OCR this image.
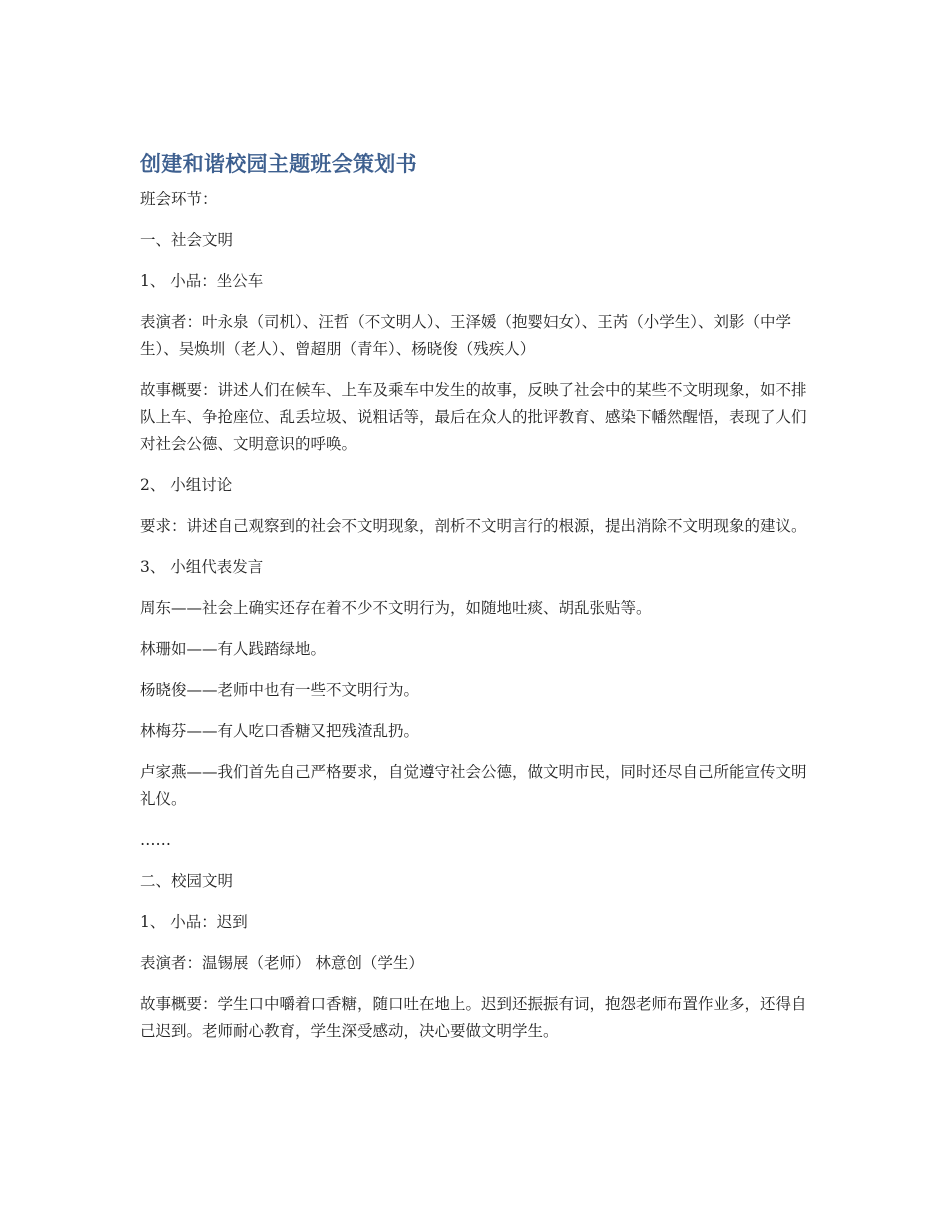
创建和谐校园主题班会策划书

班会环节：

一、社会文明

1、 小品：坐公车

表演者：叶永泉（司机）、汪哲（不文明人）、王泽媛（抱婴妇女）、王芮（小学生）、刘影（中学生）、吴焕圳（老人）、曾超朋（青年）、杨晓俊（残疾人）

故事概要：讲述人们在候车、上车及乘车中发生的故事，反映了社会中的某些不文明现象，如不排队上车、争抢座位、乱丢垃圾、说粗话等，最后在众人的批评教育、感染下幡然醒悟，表现了人们对社会公德、文明意识的呼唤。

2、 小组讨论

要求：讲述自己观察到的社会不文明现象，剖析不文明言行的根源，提出消除不文明现象的建议。

3、 小组代表发言

周东——社会上确实还存在着不少不文明行为，如随地吐痰、胡乱张贴等。

林珊如——有人践踏绿地。

杨晓俊——老师中也有一些不文明行为。

林梅芬——有人吃口香糖又把残渣乱扔。

卢家燕——我们首先自己严格要求，自觉遵守社会公德，做文明市民，同时还尽自己所能宣传文明礼仪。

……

二、校园文明

1、 小品：迟到

表演者：温锡展（老师） 林意创（学生）

故事概要：学生口中嚼着口香糖，随口吐在地上。迟到还振振有词，抱怨老师布置作业多，还得自己迟到。老师耐心教育，学生深受感动，决心要做文明学生。
